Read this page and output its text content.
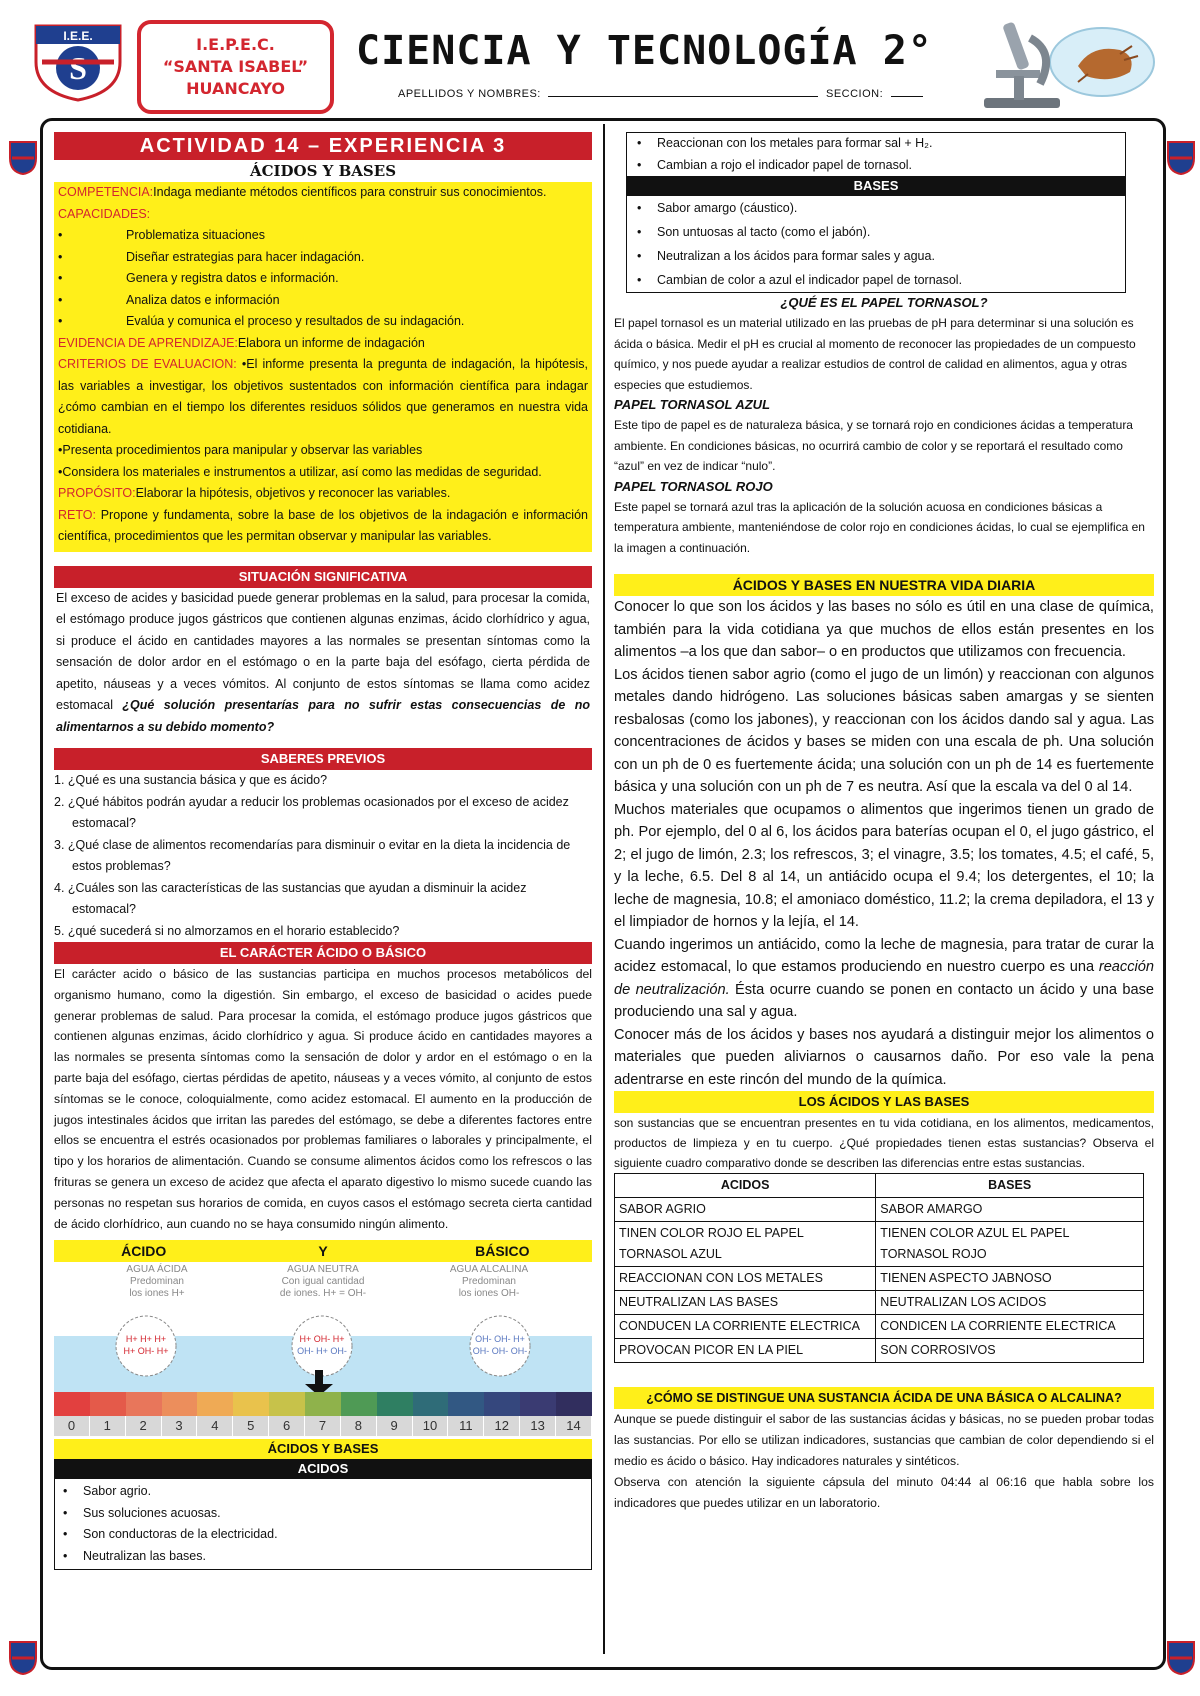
I.E.E.
S
I.E.P.E.C.
“SANTA ISABEL”
HUANCAYO
CIENCIA Y TECNOLOGÍA 2°
APELLIDOS Y NOMBRES:	SECCION:
ACTIVIDAD 14 – EXPERIENCIA 3
ÁCIDOS Y BASES

COMPETENCIA:Indaga mediante métodos científicos para construir sus conocimientos.

CAPACIDADES:

•	Problematiza situaciones
•	Diseñar estrategias para hacer indagación.
•	Genera y registra datos e información.
•	Analiza datos e información
•	Evalúa y comunica el proceso y resultados de su indagación.

EVIDENCIA DE APRENDIZAJE:Elabora un informe de indagación

CRITERIOS DE EVALUACION: •El informe presenta la pregunta de indagación, la hipótesis, las variables a investigar, los objetivos sustentados con información científica para indagar ¿cómo cambian en el tiempo los diferentes residuos sólidos que generamos en nuestra vida cotidiana.

•Presenta procedimientos para manipular y observar las variables

•Considera los materiales e instrumentos a utilizar, así como las medidas de seguridad.

PROPÓSITO:Elaborar la hipótesis, objetivos y reconocer las variables.

RETO: Propone y fundamenta, sobre la base de los objetivos de la indagación e información científica, procedimientos que les permitan observar y manipular las variables.

SITUACIÓN SIGNIFICATIVA

El exceso de acides y basicidad puede generar problemas en la salud, para procesar la comida, el estómago produce jugos gástricos que contienen algunas enzimas, ácido clorhídrico y agua, si produce el ácido en cantidades mayores a las normales se presentan síntomas como la sensación de dolor ardor en el estómago o en la parte baja del esófago, cierta pérdida de apetito, náuseas y a veces vómitos. Al conjunto de estos síntomas se llama como acidez estomacal ¿Qué solución presentarías para no sufrir estas consecuencias de no alimentarnos a su debido momento?

SABERES PREVIOS
1. ¿Qué es una sustancia básica y que es ácido?
2. ¿Qué hábitos podrán ayudar a reducir los problemas ocasionados por el exceso de acidez estomacal?
3. ¿Qué clase de alimentos recomendarías para disminuir o evitar en la dieta la incidencia de estos problemas?
4. ¿Cuáles son las características de las sustancias que ayudan a disminuir la acidez estomacal?
5. ¿qué sucederá si no almorzamos en el horario establecido?
EL CARÁCTER ÁCIDO O BÁSICO

El carácter acido o básico de las sustancias participa en muchos procesos metabólicos del organismo humano, como la digestión. Sin embargo, el exceso de basicidad o acides puede generar problemas de salud. Para procesar la comida, el estómago produce jugos gástricos que contienen algunas enzimas, ácido clorhídrico y agua. Si produce ácido en cantidades mayores a las normales se presenta síntomas como la sensación de dolor y ardor en el estómago o en la parte baja del esófago, ciertas pérdidas de apetito, náuseas y a veces vómito, al conjunto de estos síntomas se le conoce, coloquialmente, como acidez estomacal. El aumento en la producción de jugos intestinales ácidos que irritan las paredes del estómago, se debe a diferentes factores entre ellos se encuentra el estrés ocasionados por problemas familiares o laborales y principalmente, el tipo y los horarios de alimentación. Cuando se consume alimentos ácidos como los refrescos o las frituras se genera un exceso de acidez que afecta el aparato digestivo lo mismo sucede cuando las personas no respetan sus horarios de comida, en cuyos casos el estómago secreta cierta cantidad de ácido clorhídrico, aun cuando no se haya consumido ningún alimento.

ÁCIDO	Y	BÁSICO
AGUA ÁCIDA
Predominan
los iones H+
AGUA NEUTRA
Con igual cantidad
de iones. H+ = OH-
AGUA ALCALINA
Predominan
los iones OH-
H+ H+ H+
H+ OH- H+
H+ OH- H+
OH- H+ OH-
OH- OH- H+
OH- OH- OH-
0	1	2	3	4	5	6	7	8	9	10	11	12	13	14
ÁCIDOS Y BASES
ACIDOS
• Sabor agrio.
• Sus soluciones acuosas.
• Son conductoras de la electricidad.
• Neutralizan las bases.
• Reaccionan con los metales para formar sal + H₂.
• Cambian a rojo el indicador papel de tornasol.
BASES
• Sabor amargo (cáustico).
• Son untuosas al tacto (como el jabón).
• Neutralizan a los ácidos para formar sales y agua.
• Cambian de color a azul el indicador papel de tornasol.
¿QUÉ ES EL PAPEL TORNASOL?

El papel tornasol es un material utilizado en las pruebas de pH para determinar si una solución es ácida o básica. Medir el pH es crucial al momento de reconocer las propiedades de un compuesto químico, y nos puede ayudar a realizar estudios de control de calidad en alimentos, agua y otras especies que estudiemos.

PAPEL TORNASOL AZUL

Este tipo de papel es de naturaleza básica, y se tornará rojo en condiciones ácidas a temperatura ambiente. En condiciones básicas, no ocurrirá cambio de color y se reportará el resultado como “azul” en vez de indicar “nulo”.

PAPEL TORNASOL ROJO

Este papel se tornará azul tras la aplicación de la solución acuosa en condiciones básicas a temperatura ambiente, manteniéndose de color rojo en condiciones ácidas, lo cual se ejemplifica en la imagen a continuación.

ÁCIDOS Y BASES EN NUESTRA VIDA DIARIA

Conocer lo que son los ácidos y las bases no sólo es útil en una clase de química, también para la vida cotidiana ya que muchos de ellos están presentes en los alimentos –a los que dan sabor– o en productos que utilizamos con frecuencia.

Los ácidos tienen sabor agrio (como el jugo de un limón) y reaccionan con algunos metales dando hidrógeno. Las soluciones básicas saben amargas y se sienten resbalosas (como los jabones), y reaccionan con los ácidos dando sal y agua. Las concentraciones de ácidos y bases se miden con una escala de ph. Una solución con un ph de 0 es fuertemente ácida; una solución con un ph de 14 es fuertemente básica y una solución con un ph de 7 es neutra. Así que la escala va del 0 al 14.

Muchos materiales que ocupamos o alimentos que ingerimos tienen un grado de ph. Por ejemplo, del 0 al 6, los ácidos para baterías ocupan el 0, el jugo gástrico, el 2; el jugo de limón, 2.3; los refrescos, 3; el vinagre, 3.5; los tomates, 4.5; el café, 5, y la leche, 6.5. Del 8 al 14, un antiácido ocupa el 9.4; los detergentes, el 10; la leche de magnesia, 10.8; el amoniaco doméstico, 11.2; la crema depiladora, el 13 y el limpiador de hornos y la lejía, el 14.

Cuando ingerimos un antiácido, como la leche de magnesia, para tratar de curar la acidez estomacal, lo que estamos produciendo en nuestro cuerpo es una reacción de neutralización. Ésta ocurre cuando se ponen en contacto un ácido y una base produciendo una sal y agua.

Conocer más de los ácidos y bases nos ayudará a distinguir mejor los alimentos o materiales que pueden aliviarnos o causarnos daño. Por eso vale la pena adentrarse en este rincón del mundo de la química.

LOS ÁCIDOS Y LAS BASES

son sustancias que se encuentran presentes en tu vida cotidiana, en los alimentos, medicamentos, productos de limpieza y en tu cuerpo. ¿Qué propiedades tienen estas sustancias? Observa el siguiente cuadro comparativo donde se describen las diferencias entre estas sustancias.

ACIDOS	BASES
SABOR AGRIO	SABOR AMARGO
TINEN COLOR ROJO EL PAPEL TORNASOL AZUL	TIENEN COLOR AZUL EL PAPEL TORNASOL ROJO
REACCIONAN CON LOS METALES	TIENEN ASPECTO JABNOSO
NEUTRALIZAN LAS BASES	NEUTRALIZAN LOS ACIDOS
CONDUCEN LA CORRIENTE ELECTRICA	CONDICEN LA CORRIENTE ELECTRICA
PROVOCAN PICOR EN LA PIEL	SON CORROSIVOS
¿CÓMO SE DISTINGUE UNA SUSTANCIA ÁCIDA DE UNA BÁSICA O ALCALINA?

Aunque se puede distinguir el sabor de las sustancias ácidas y básicas, no se pueden probar todas las sustancias. Por ello se utilizan indicadores, sustancias que cambian de color dependiendo si el medio es ácido o básico. Hay indicadores naturales y sintéticos.

Observa con atención la siguiente cápsula del minuto 04:44 al 06:16 que habla sobre los indicadores que puedes utilizar en un laboratorio.
